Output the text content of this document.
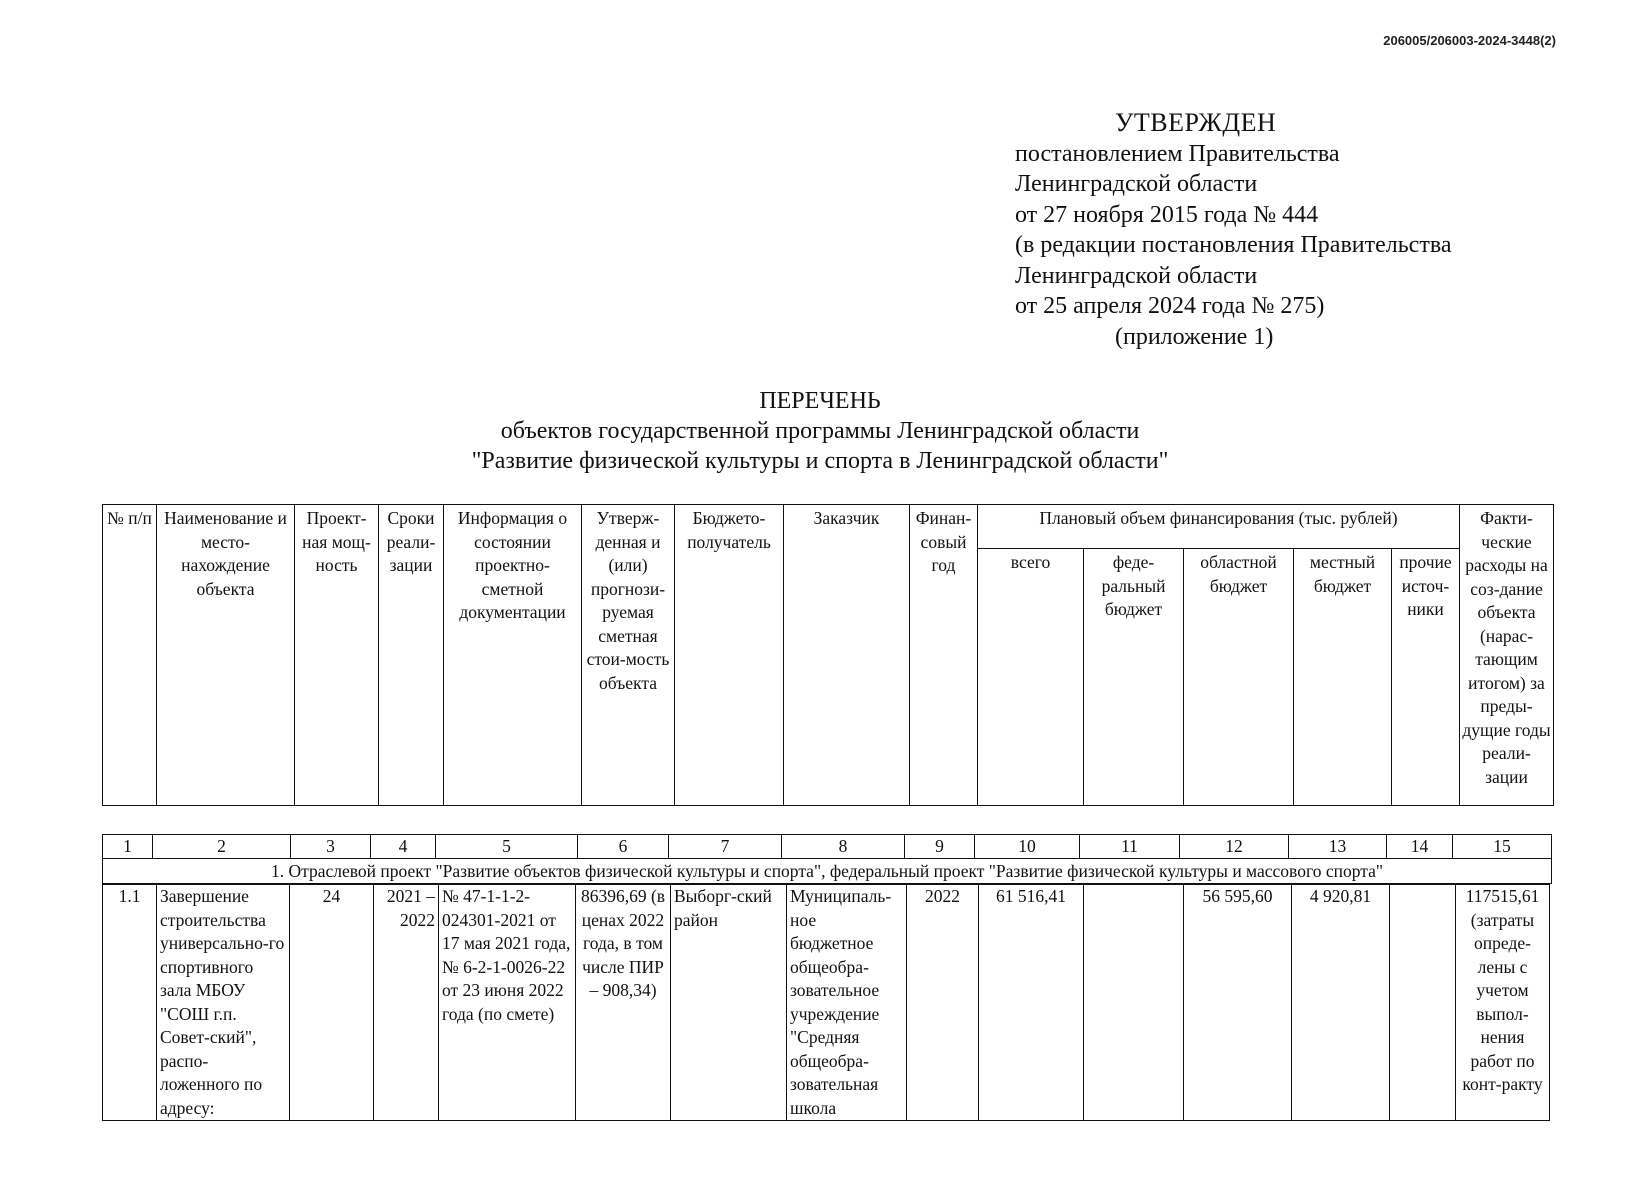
206005/206003-2024-3448(2)
УТВЕРЖДЕН
постановлением Правительства
Ленинградской области
от 27 ноября 2015 года № 444
(в редакции постановления Правительства
Ленинградской области
от 25 апреля 2024 года № 275)
(приложение 1)
ПЕРЕЧЕНЬ
объектов государственной программы Ленинградской области
"Развитие физической культуры и спорта в Ленинградской области"
№ п/п	Наименование и место-нахождение объекта	Проект-ная мощ-ность	Сроки реали-зации	Информация о состоянии проектно-сметной документации	Утверж-денная и (или) прогнози-руемая сметная стои-мость объекта	Бюджето-получатель	Заказчик	Финан-совый год	Плановый объем финансирования (тыс. рублей)					Факти-ческие расходы на соз-дание объекта (нарас-тающим итогом) за преды-дущие годы реали-зации
									всего	феде-ральный бюджет	областной бюджет	местный бюджет	прочие источ-ники	
1	2	3	4	5	6	7	8	9	10	11	12	13	14	15
1. Отраслевой проект "Развитие объектов физической культуры и спорта", федеральный проект "Развитие физической культуры и массового спорта"
1.1	Завершение строительства универсально-го спортивного зала МБОУ "СОШ г.п. Совет-ский", распо-ложенного по адресу:	24	2021 – 2022	№ 47-1-1-2-024301-2021 от 17 мая 2021 года, № 6-2-1-0026-22 от 23 июня 2022 года (по смете)	86396,69 (в ценах 2022 года, в том числе ПИР – 908,34)	Выборг-ский район	Муниципаль-ное бюджетное общеобра-зовательное учреждение "Средняя общеобра-зовательная школа	2022	61 516,41		56 595,60	4 920,81		117515,61 (затраты опреде-лены с учетом выпол-нения работ по конт-ракту
